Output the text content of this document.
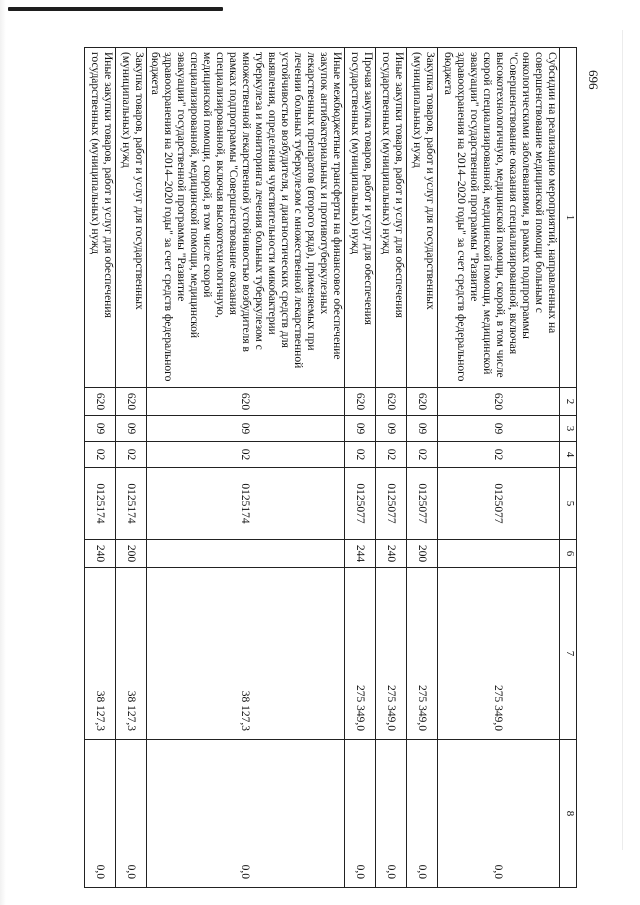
696
1	2	3	4	5	6	7	8
Субсидии на реализацию мероприятий, направленных на совершенствование медицинской помощи больным с онкологическими заболеваниями, в рамках подпрограммы "Совершенствование оказания специализированной, включая высокотехнологичную, медицинской помощи, скорой, в том числе скорой специализированной, медицинской помощи, медицинской эвакуации" государственной программы "Развитие здравоохранения на 2014–2020 годы" за счет средств федерального бюджета	620	09	02	0125077		275 349,0	0,0
Закупка товаров, работ и услуг для государственных (муниципальных) нужд	620	09	02	0125077	200	275 349,0	0,0
Иные закупки товаров, работ и услуг для обеспечения государственных (муниципальных) нужд	620	09	02	0125077	240	275 349,0	0,0
Прочая закупка товаров, работ и услуг для обеспечения государственных (муниципальных) нужд	620	09	02	0125077	244	275 349,0	0,0
Иные межбюджетные трансферты на финансовое обеспечение закупок антибактериальных и противотуберкулезных лекарственных препаратов (второго ряда), применяемых при лечении больных туберкулезом с множественной лекарственной устойчивостью возбудителя, и диагностических средств для выявления, определения чувствительности микобактерии туберкулеза и мониторинга лечения больных туберкулезом с множественной лекарственной устойчивостью возбудителя в рамках подпрограммы "Совершенствование оказания специализированной, включая высокотехнологичную, медицинской помощи, скорой, в том числе скорой специализированной, медицинской помощи, медицинской эвакуации" государственной программы "Развитие здравоохранения на 2014–2020 годы" за счет средств федерального бюджета	620	09	02	0125174		38 127,3	0,0
Закупка товаров, работ и услуг для государственных (муниципальных) нужд	620	09	02	0125174	200	38 127,3	0,0
Иные закупки товаров, работ и услуг для обеспечения государственных (муниципальных) нужд	620	09	02	0125174	240	38 127,3	0,0
